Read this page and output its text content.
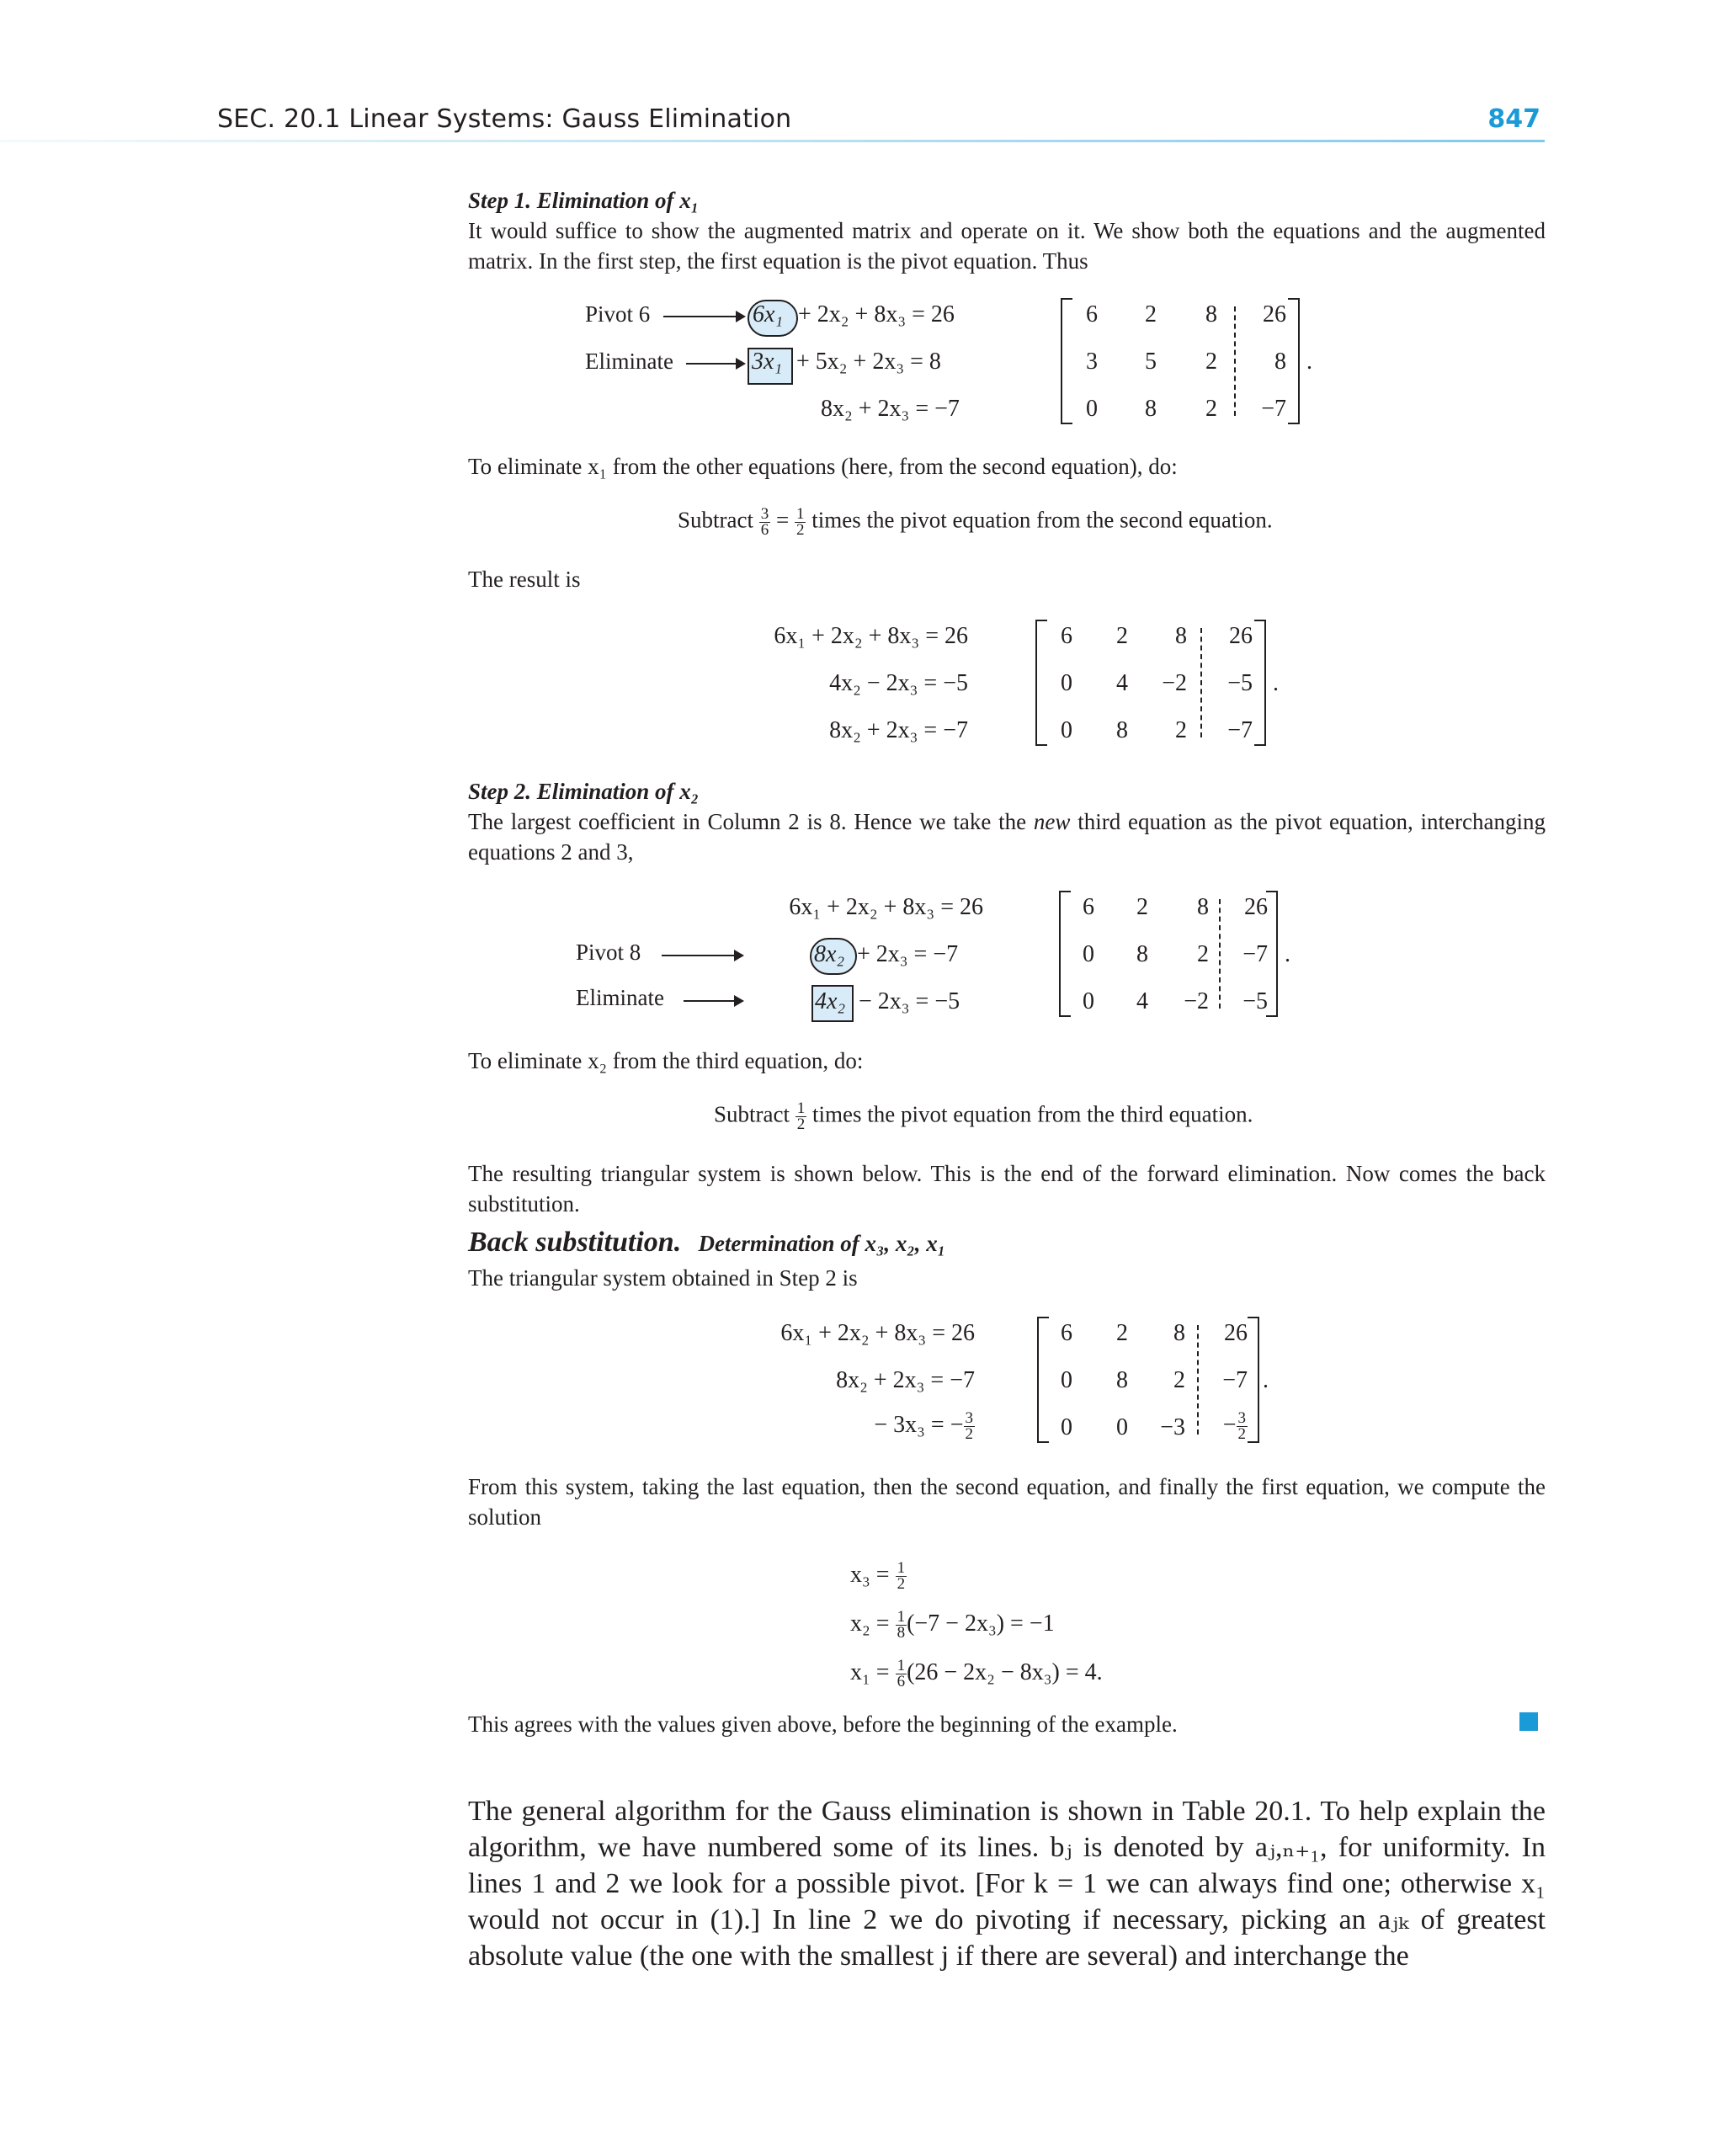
SEC. 20.1 Linear Systems: Gauss Elimination	847
Step 1. Elimination of x₁
It would suffice to show the augmented matrix and operate on it. We show both the equations and the augmented matrix. In the first step, the first equation is the pivot equation. Thus
Pivot 6
Eliminate
6x₁ + 2x₂ + 8x₃ = 26
3x₁ + 5x₂ + 2x₃ = 8
8x₂ + 2x₃ = −7
6	2	8	26
3	5	2	8
0	8	2	−7
.
To eliminate x₁ from the other equations (here, from the second equation), do:
Subtract $\frac{3}{6} = \frac{1}{2}$ times the pivot equation from the second equation.
The result is
6x₁ + 2x₂ + 8x₃ = 26
4x₂ − 2x₃ = −5
8x₂ + 2x₃ = −7
6	2	8	26
0	4	−2	−5
0	8	2	−7
.
Step 2. Elimination of x₂
The largest coefficient in Column 2 is 8. Hence we take the new third equation as the pivot equation, interchanging equations 2 and 3,
6x₁ + 2x₂ + 8x₃ = 26
Pivot 8	8x₂ + 2x₃ = −7
Eliminate	4x₂ − 2x₃ = −5
6	2	8	26
0	8	2	−7
0	4	−2	−5
.
To eliminate x₂ from the third equation, do:
Subtract $\frac{1}{2}$ times the pivot equation from the third equation.
The resulting triangular system is shown below. This is the end of the forward elimination. Now comes the back substitution.
Back substitution. Determination of x₃, x₂, x₁
The triangular system obtained in Step 2 is
6x₁ + 2x₂ + 8x₃ = 26
8x₂ + 2x₃ = −7
− 3x₃ = − $\frac{3}{2}$
6	2	8	26
0	8	2	−7
0	0	−3	− $\frac{3}{2}$
.
From this system, taking the last equation, then the second equation, and finally the first equation, we compute the solution
$x_3 = \frac{1}{2}$
$x_2 = \frac{1}{8} (-7 - 2x_3) = -1$
$x_1 = \frac{1}{6} (26 - 2x_2 - 8x_3) = 4$.
This agrees with the values given above, before the beginning of the example.
The general algorithm for the Gauss elimination is shown in Table 20.1. To help explain the algorithm, we have numbered some of its lines. bⱼ is denoted by aⱼ,ₙ₊₁, for uniformity. In lines 1 and 2 we look for a possible pivot. [For k = 1 we can always find one; otherwise x₁ would not occur in (1).] In line 2 we do pivoting if necessary, picking an aⱼₖ of greatest absolute value (the one with the smallest j if there are several) and interchange the
